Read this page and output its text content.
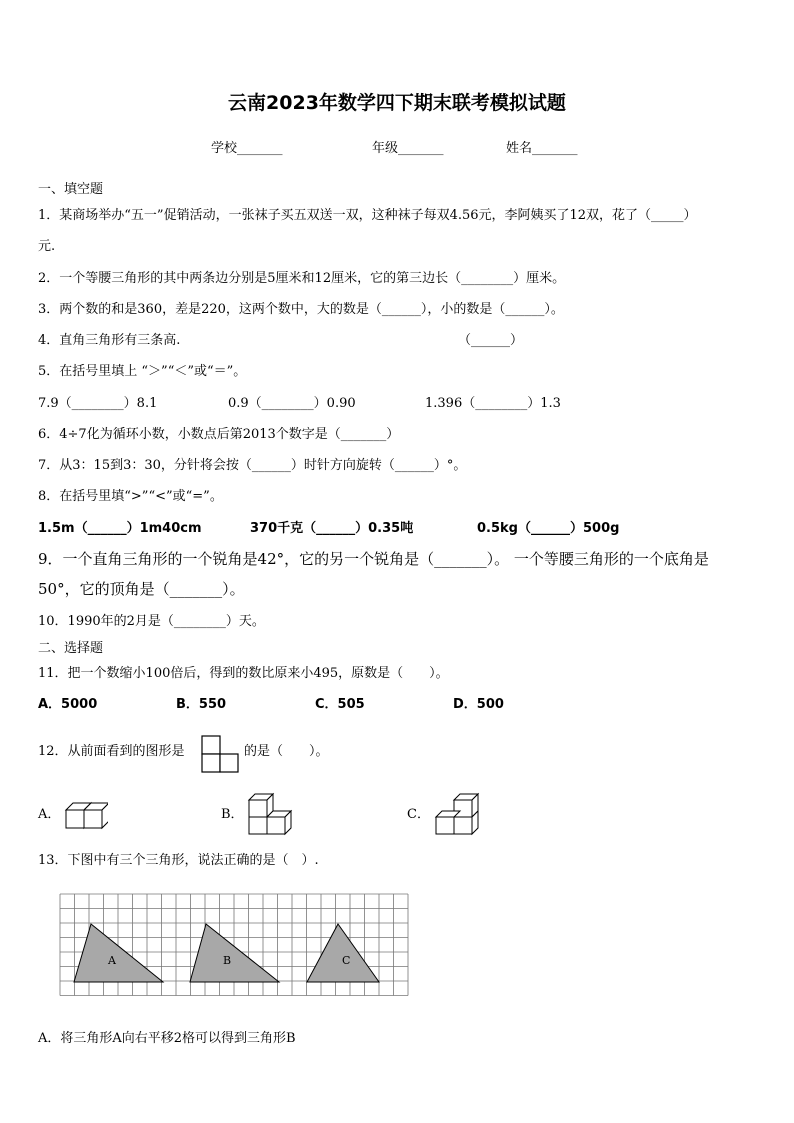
云南2023年数学四下期末联考模拟试题
学校_______	年级_______	姓名_______
一、填空题
1．某商场举办“五一”促销活动，一张袜子买五双送一双，这种袜子每双4.56元，李阿姨买了12双，花了（_____）
元.
2．一个等腰三角形的其中两条边分别是5厘米和12厘米，它的第三边长（________）厘米。
3．两个数的和是360，差是220，这两个数中，大的数是（______），小的数是（______）。
4．直角三角形有三条高.	（______）
5．在括号里填上 “＞”“＜”或“＝”。
7.9（________）8.1	0.9（________）0.90	1.396（________）1.3
6．4÷7化为循环小数，小数点后第2013个数字是（_______）
7．从3：15到3：30，分针将会按（______）时针方向旋转（______）°。
8．在括号里填“>”“<”或“=”。
1.5m（______）1m40cm	370千克（______）0.35吨	0.5kg（______）500g
9．一个直角三角形的一个锐角是42°，它的另一个锐角是（_______）。 一个等腰三角形的一个底角是
50°，它的顶角是（_______）。
10．1990年的2月是（________）天。
二、选择题
11．把一个数缩小100倍后，得到的数比原来小495，原数是（　　）。
A．5000	B．550	C．505	D．500
12．从前面看到的图形是	的是（　　）。
A．	B．	C．
13．下图中有三个三角形，说法正确的是（　）.
A	B	C
A．将三角形A向右平移2格可以得到三角形B
